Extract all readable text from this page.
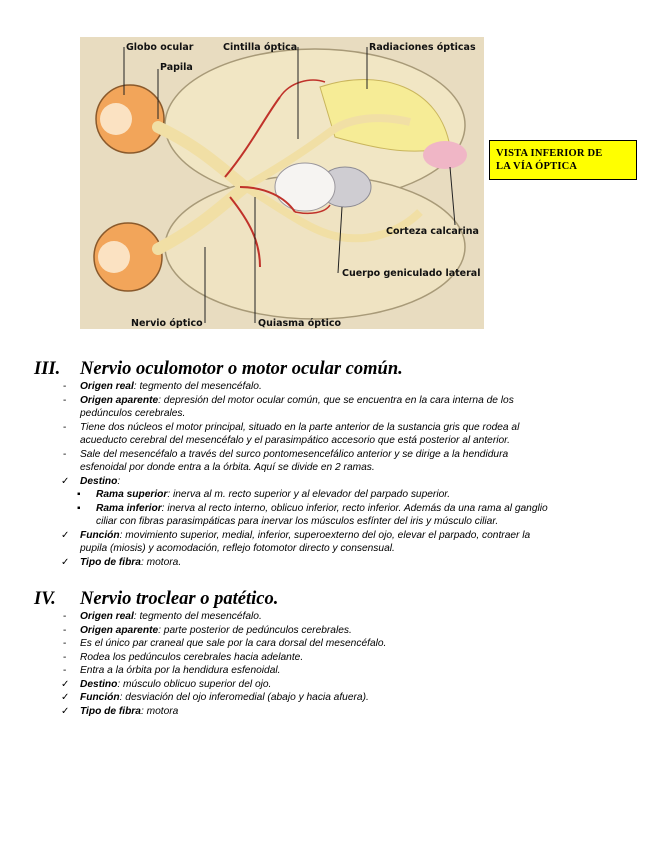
Globo ocular
Papila
Cintilla óptica	Radiaciones ópticas
Corteza calcarina
Cuerpo geniculado lateral
Nervio óptico	Quiasma óptico
VISTA INFERIOR DE
LA VÍA ÓPTICA
III. Nervio oculomotor o motor ocular común.
- Origen real: tegmento del mesencéfalo.
- Origen aparente: depresión del motor ocular común, que se encuentra en la cara interna de los
pedúnculos cerebrales.
- Tiene dos núcleos el motor principal, situado en la parte anterior de la sustancia gris que rodea al
acueducto cerebral del mesencéfalo y el parasimpático accesorio que está posterior al anterior.
- Sale del mesencéfalo a través del surco pontomesencefálico anterior y se dirige a la hendidura
esfenoidal por donde entra a la órbita. Aquí se divide en 2 ramas.
✓ Destino:
▪ Rama superior: inerva al m. recto superior y al elevador del parpado superior.
▪ Rama inferior: inerva al recto interno, oblicuo inferior, recto inferior. Además da una rama al ganglio
ciliar con fibras parasimpáticas para inervar los músculos esfínter del iris y músculo ciliar.
✓ Función: movimiento superior, medial, inferior, superoexterno del ojo, elevar el parpado, contraer la
pupila (miosis) y acomodación, reflejo fotomotor directo y consensual.
✓ Tipo de fibra: motora.
IV. Nervio troclear o patético.
- Origen real: tegmento del mesencéfalo.
- Origen aparente: parte posterior de pedúnculos cerebrales.
- Es el único par craneal que sale por la cara dorsal del mesencéfalo.
- Rodea los pedúnculos cerebrales hacia adelante.
- Entra a la órbita por la hendidura esfenoidal.
✓ Destino: músculo oblicuo superior del ojo.
✓ Función: desviación del ojo inferomedial (abajo y hacia afuera).
✓ Tipo de fibra: motora
